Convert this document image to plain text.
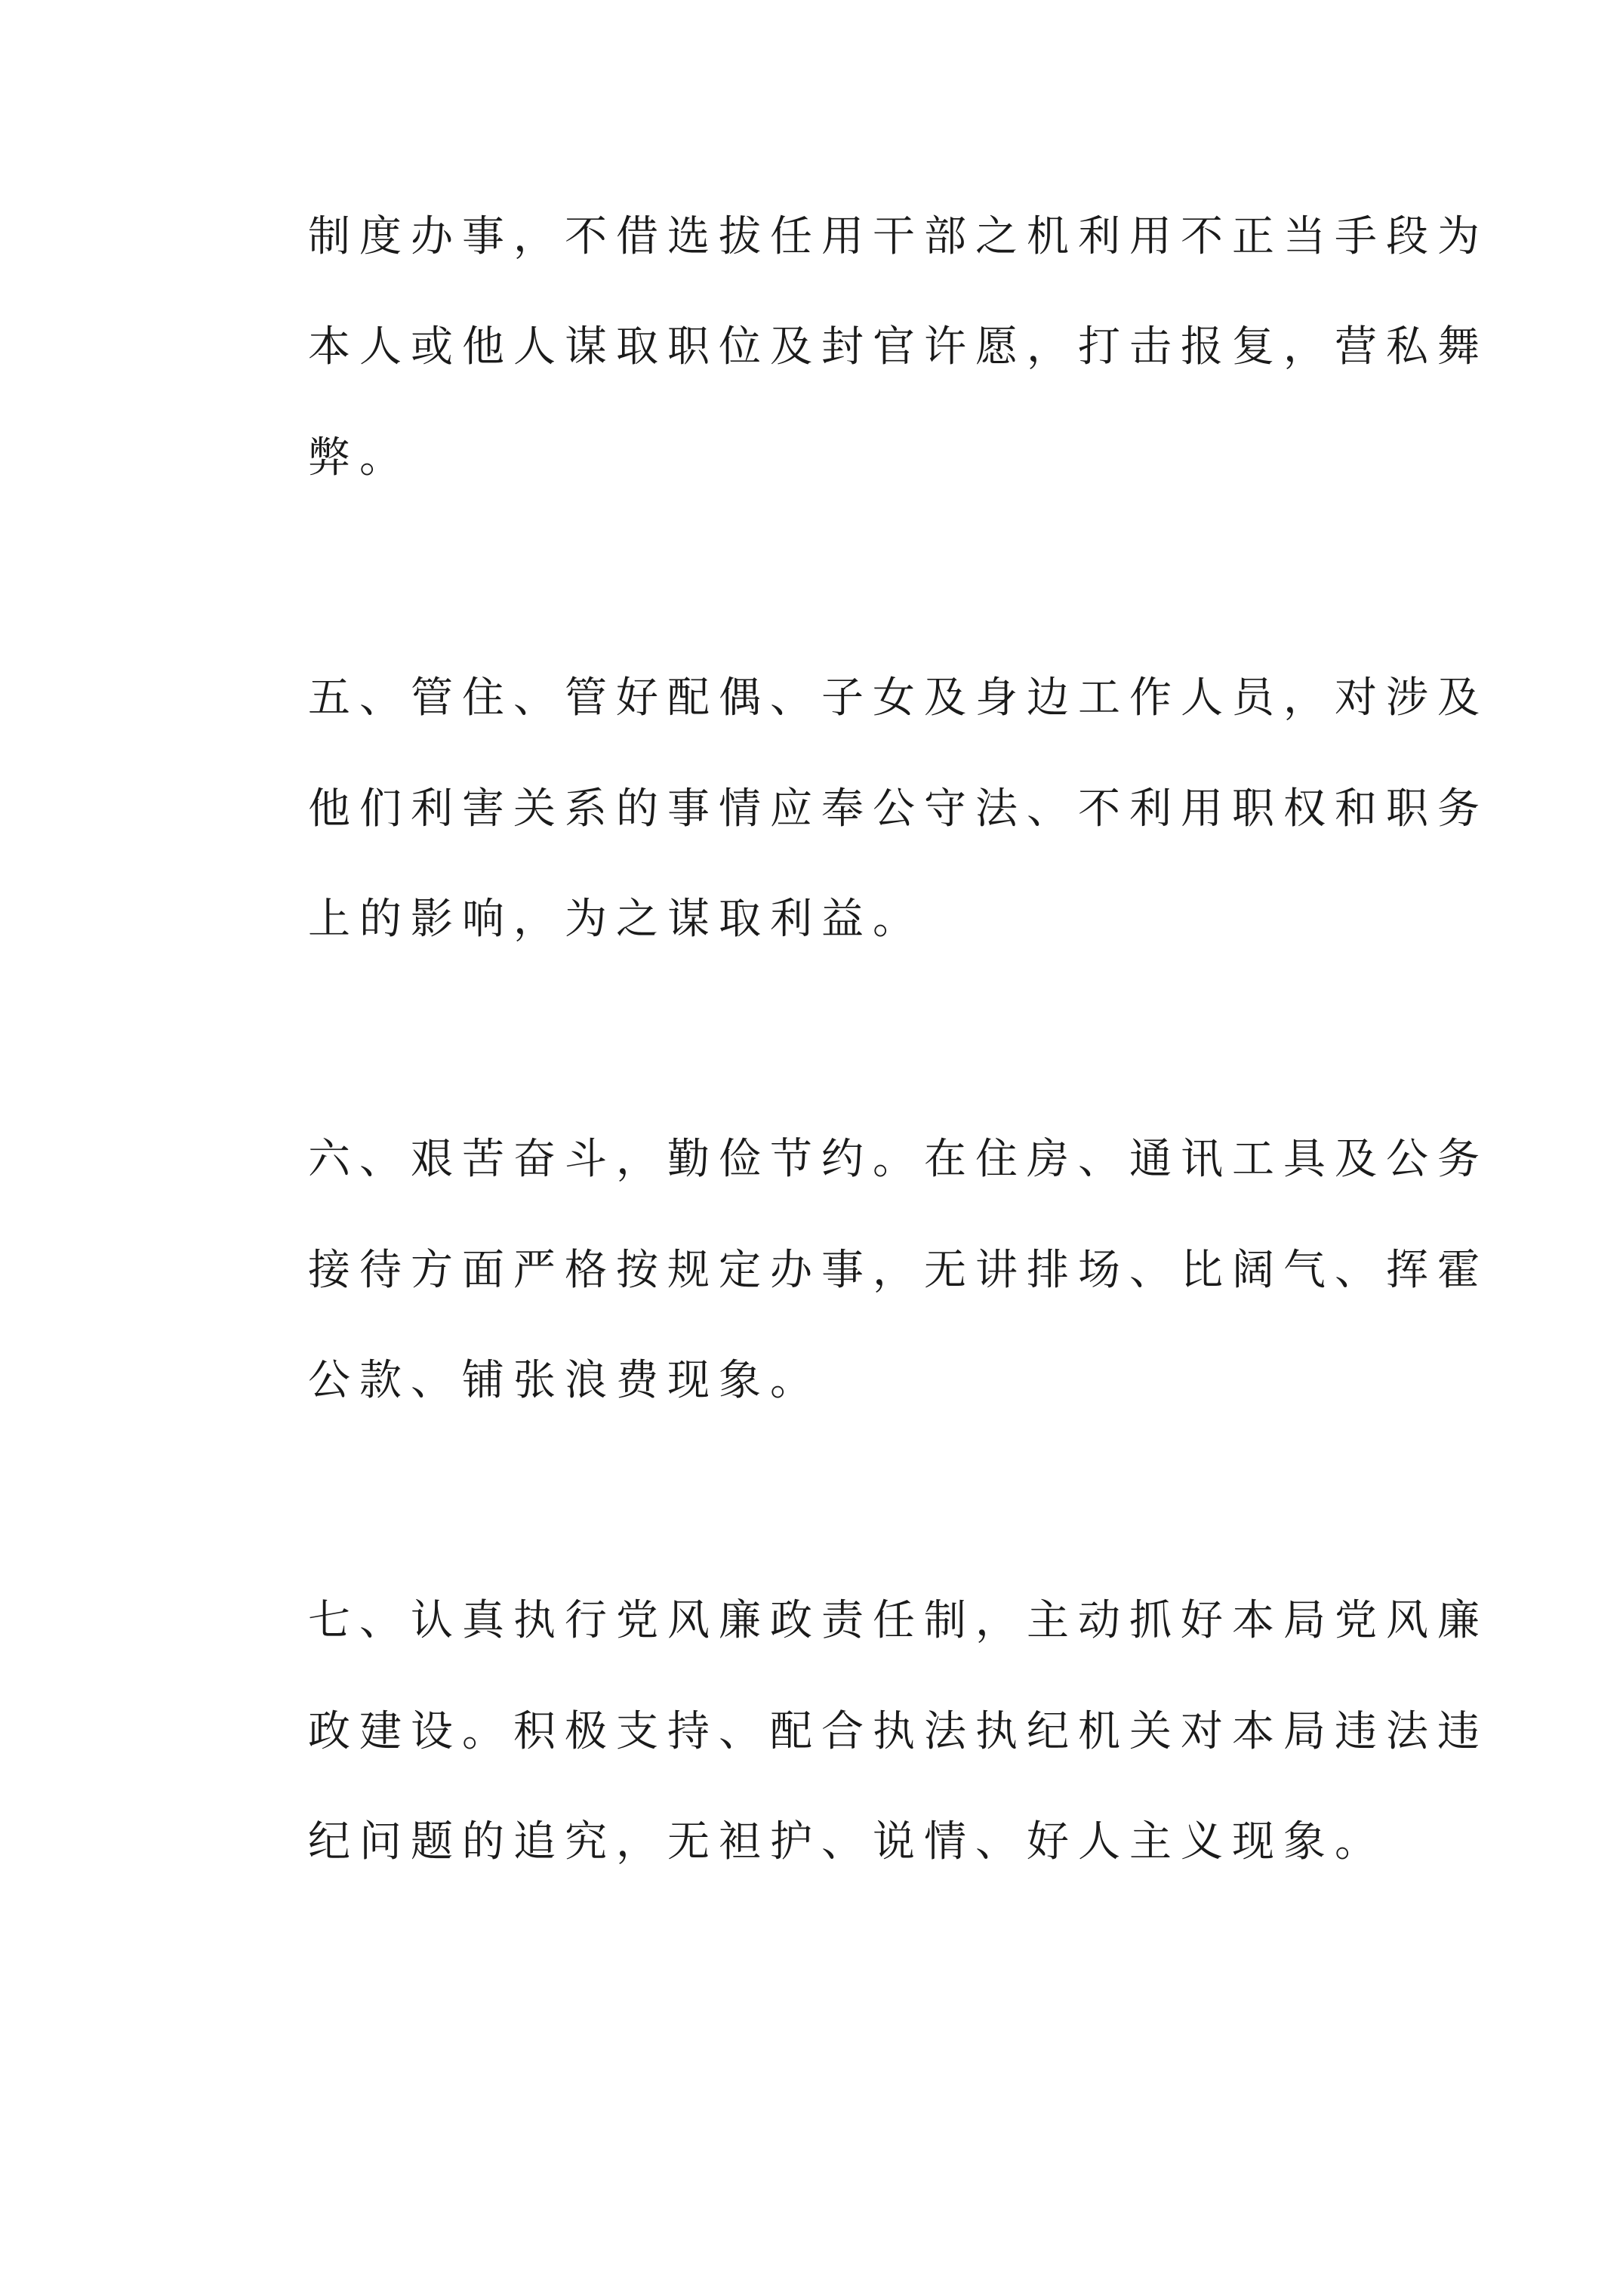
制度办事，不借选拔任用干部之机利用不正当手段为
本人或他人谋取职位及封官许愿，打击报复，营私舞
弊。
五、管住、管好配偶、子女及身边工作人员，对涉及
他们利害关系的事情应奉公守法、不利用职权和职务
上的影响，为之谋取利益。
六、艰苦奋斗，勤俭节约。在住房、通讯工具及公务
接待方面严格按规定办事，无讲排场、比阔气、挥霍
公款、铺张浪费现象。
七、认真执行党风廉政责任制，主动抓好本局党风廉
政建设。积极支持、配合执法执纪机关对本局违法违
纪问题的追究，无袒护、说情、好人主义现象。
